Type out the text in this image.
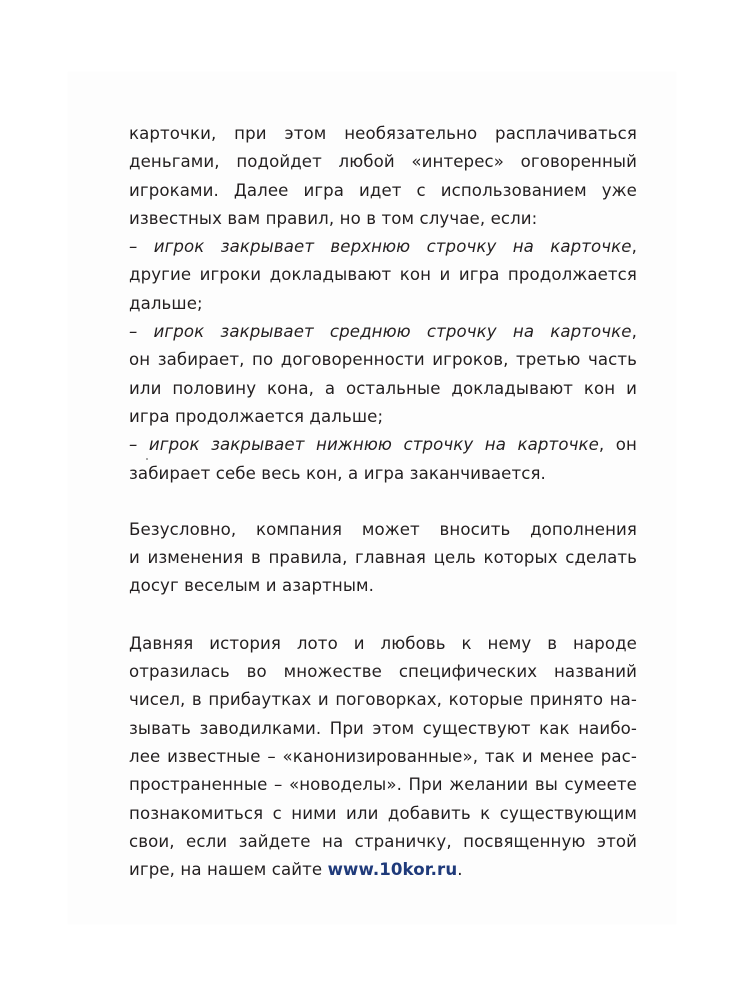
карточки, при этом необязательно расплачиваться
деньгами, подойдет любой «интерес» оговоренный
игроками. Далее игра идет с использованием уже
известных вам правил, но в том случае, если:
– игрок закрывает верхнюю строчку на карточке,
другие игроки докладывают кон и игра продолжается
дальше;
– игрок закрывает среднюю строчку на карточке,
он забирает, по договоренности игроков, третью часть
или половину кона, а остальные докладывают кон и
игра продолжается дальше;
– игрок закрывает нижнюю строчку на карточке, он
забирает себе весь кон, а игра заканчивается.

Безусловно, компания может вносить дополнения
и изменения в правила, главная цель которых сделать
досуг веселым и азартным.

Давняя история лото и любовь к нему в народе
отразилась во множестве специфических названий
чисел, в прибаутках и поговорках, которые принято на-
зывать заводилками. При этом существуют как наибо-
лее известные – «канонизированные», так и менее рас-
пространенные – «новоделы». При желании вы сумеете
познакомиться с ними или добавить к существующим
свои, если зайдете на страничку, посвященную этой
игре, на нашем сайте www.10kor.ru.
